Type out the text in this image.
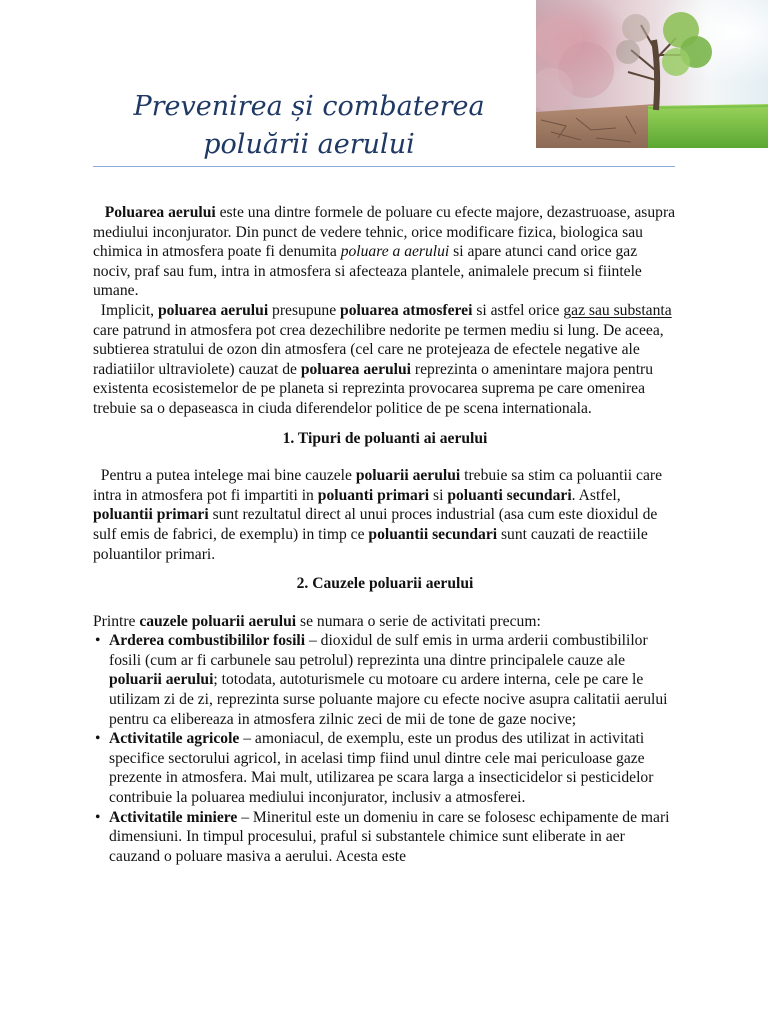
Prevenirea și combaterea
poluării aerului

Poluarea aerului este una dintre formele de poluare cu efecte majore, dezastruoase, asupra mediului inconjurator. Din punct de vedere tehnic, orice modificare fizica, biologica sau chimica in atmosfera poate fi denumita poluare a aerului si apare atunci cand orice gaz nociv, praf sau fum, intra in atmosfera si afecteaza plantele, animalele precum si fiintele umane.

Implicit, poluarea aerului presupune poluarea atmosferei si astfel orice gaz sau substanta care patrund in atmosfera pot crea dezechilibre nedorite pe termen mediu si lung. De aceea, subtierea stratului de ozon din atmosfera (cel care ne protejeaza de efectele negative ale radiatiilor ultraviolete) cauzat de poluarea aerului reprezinta o amenintare majora pentru existenta ecosistemelor de pe planeta si reprezinta provocarea suprema pe care omenirea trebuie sa o depaseasca in ciuda diferendelor politice de pe scena internationala.

1. Tipuri de poluanti ai aerului

Pentru a putea intelege mai bine cauzele poluarii aerului trebuie sa stim ca poluantii care intra in atmosfera pot fi impartiti in poluanti primari si poluanti secundari. Astfel, poluantii primari sunt rezultatul direct al unui proces industrial (asa cum este dioxidul de sulf emis de fabrici, de exemplu) in timp ce poluantii secundari sunt cauzati de reactiile poluantilor primari.

2. Cauzele poluarii aerului

Printre cauzele poluarii aerului se numara o serie de activitati precum:

• Arderea combustibililor fosili – dioxidul de sulf emis in urma arderii combustibililor fosili (cum ar fi carbunele sau petrolul) reprezinta una dintre principalele cauze ale poluarii aerului; totodata, autoturismele cu motoare cu ardere interna, cele pe care le utilizam zi de zi, reprezinta surse poluante majore cu efecte nocive asupra calitatii aerului pentru ca elibereaza in atmosfera zilnic zeci de mii de tone de gaze nocive;
• Activitatile agricole – amoniacul, de exemplu, este un produs des utilizat in activitati specifice sectorului agricol, in acelasi timp fiind unul dintre cele mai periculoase gaze prezente in atmosfera. Mai mult, utilizarea pe scara larga a insecticidelor si pesticidelor contribuie la poluarea mediului inconjurator, inclusiv a atmosferei.
• Activitatile miniere – Mineritul este un domeniu in care se folosesc echipamente de mari dimensiuni. In timpul procesului, praful si substantele chimice sunt eliberate in aer cauzand o poluare masiva a aerului. Acesta este
